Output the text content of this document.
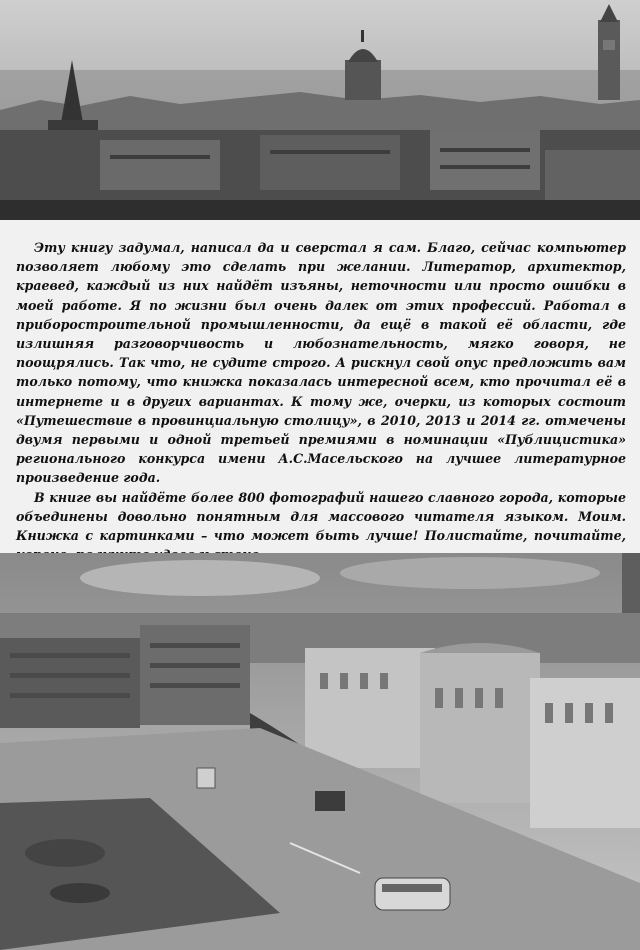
Эту книгу задумал, написал да и сверстал я сам. Благо, сейчас компьютер позволяет любому это сделать при желании. Литератор, архитектор, краевед, каждый из них найдёт изъяны, неточности или просто ошибки в моей работе. Я по жизни был очень далек от этих профессий. Работал в приборостроительной промышленности, да ещё в такой её области, где излишняя разговорчивость и любознательность, мягко говоря, не поощрялись. Так что, не судите строго. А рискнул свой опус предложить вам только потому, что книжка показалась интересной всем, кто прочитал её в интернете и в других вариантах. К тому же, очерки, из которых состоит «Путешествие в провинциальную столицу», в 2010, 2013 и 2014 гг. отмечены двумя первыми и одной третьей премиями в номинации «Публицистика» регионального конкурса имени А.С.Масельского на лучшее литературное произведение года.

В книге вы найдёте более 800 фотографий нашего славного города, которые объединены довольно понятным для массового читателя языком. Моим. Книжка с картинками – что может быть лучше! Полистайте, почитайте,
